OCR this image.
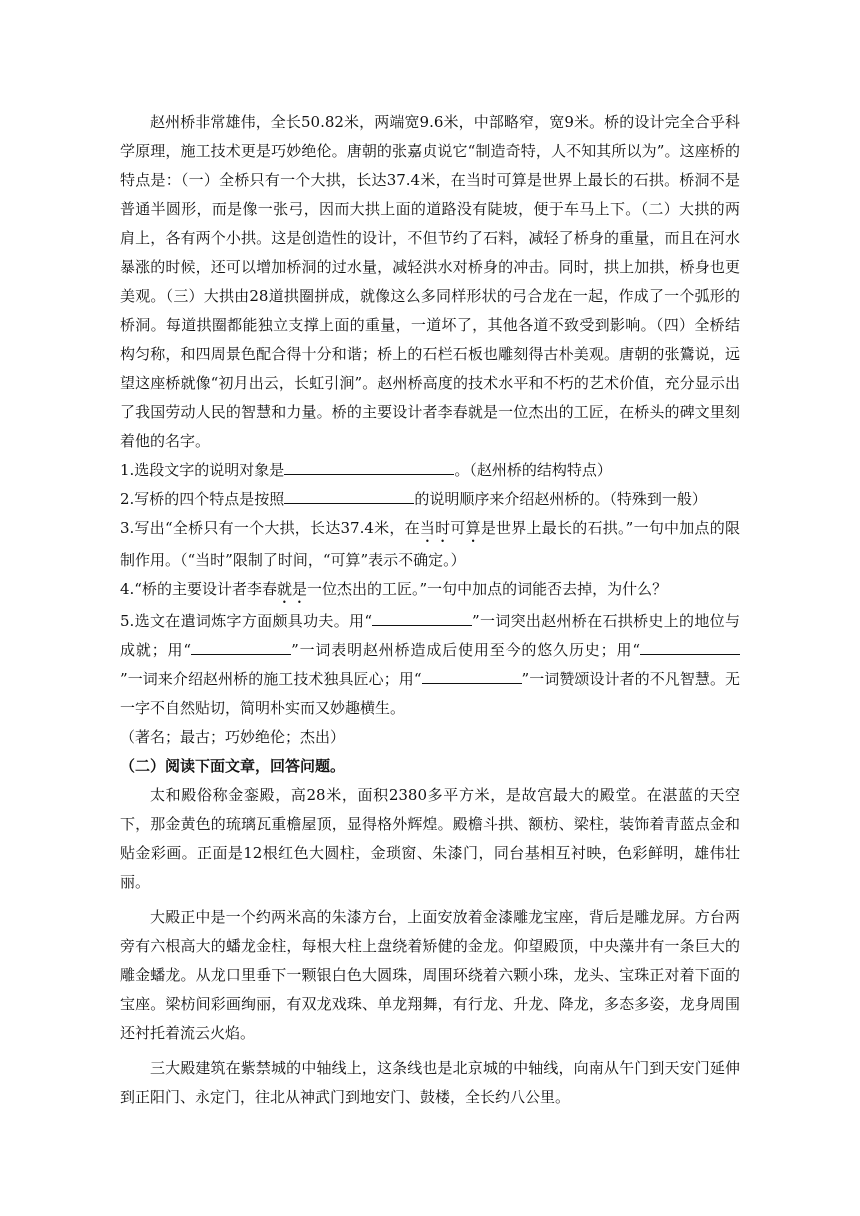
赵州桥非常雄伟，全长50.82米，两端宽9.6米，中部略窄，宽9米。桥的设计完全合乎科学原理，施工技术更是巧妙绝伦。唐朝的张嘉贞说它“制造奇特，人不知其所以为”。这座桥的特点是：（一）全桥只有一个大拱，长达37.4米，在当时可算是世界上最长的石拱。桥洞不是普通半圆形，而是像一张弓，因而大拱上面的道路没有陡坡，便于车马上下。（二）大拱的两肩上，各有两个小拱。这是创造性的设计，不但节约了石料，减轻了桥身的重量，而且在河水暴涨的时候，还可以增加桥洞的过水量，减轻洪水对桥身的冲击。同时，拱上加拱，桥身也更美观。（三）大拱由28道拱圈拼成，就像这么多同样形状的弓合龙在一起，作成了一个弧形的桥洞。每道拱圈都能独立支撑上面的重量，一道坏了，其他各道不致受到影响。（四）全桥结构匀称，和四周景色配合得十分和谐；桥上的石栏石板也雕刻得古朴美观。唐朝的张鷟说，远望这座桥就像“初月出云，长虹引涧”。赵州桥高度的技术水平和不朽的艺术价值，充分显示出了我国劳动人民的智慧和力量。桥的主要设计者李春就是一位杰出的工匠，在桥头的碑文里刻着他的名字。

1.选段文字的说明对象是	。（赵州桥的结构特点）

2.写桥的四个特点是按照	的说明顺序来介绍赵州桥的。（特殊到一般）

3.写出“全桥只有一个大拱，长达37.4米，在当时可算是世界上最长的石拱。”一句中加点的限制作用。（“当时”限制了时间，“可算”表示不确定。）

4.“桥的主要设计者李春就是一位杰出的工匠。”一句中加点的词能否去掉，为什么？

5.选文在遣词炼字方面颇具功夫。用“	”一词突出赵州桥在石拱桥史上的地位与成就；用“	”一词表明赵州桥造成后使用至今的悠久历史；用“”一词来介绍赵州桥的施工技术独具匠心；用“	”一词赞颂设计者的不凡智慧。无一字不自然贴切，简明朴实而又妙趣横生。

（著名；最古；巧妙绝伦；杰出）

（二）阅读下面文章，回答问题。

太和殿俗称金銮殿，高28米，面积2380多平方米，是故宫最大的殿堂。在湛蓝的天空下，那金黄色的琉璃瓦重檐屋顶，显得格外辉煌。殿檐斗拱、额枋、梁柱，装饰着青蓝点金和贴金彩画。正面是12根红色大圆柱，金琐窗、朱漆门，同台基相互衬映，色彩鲜明，雄伟壮丽。

大殿正中是一个约两米高的朱漆方台，上面安放着金漆雕龙宝座，背后是雕龙屏。方台两旁有六根高大的蟠龙金柱，每根大柱上盘绕着矫健的金龙。仰望殿顶，中央藻井有一条巨大的雕金蟠龙。从龙口里垂下一颗银白色大圆珠，周围环绕着六颗小珠，龙头、宝珠正对着下面的宝座。梁枋间彩画绚丽，有双龙戏珠、单龙翔舞，有行龙、升龙、降龙，多态多姿，龙身周围还衬托着流云火焰。

三大殿建筑在紫禁城的中轴线上，这条线也是北京城的中轴线，向南从午门到天安门延伸到正阳门、永定门，往北从神武门到地安门、鼓楼，全长约八公里。
